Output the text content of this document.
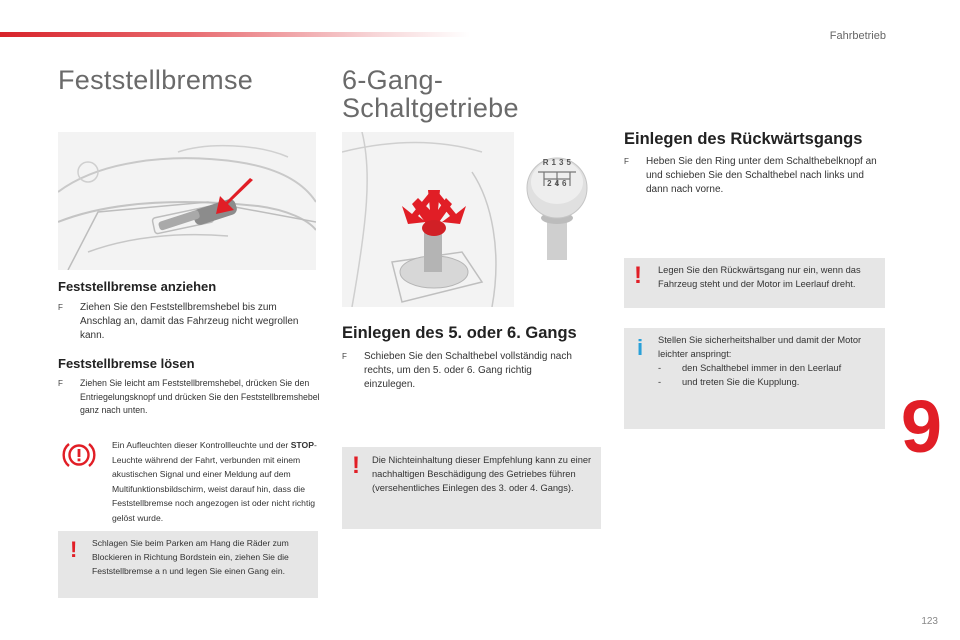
Fahrbetrieb
Feststellbremse
Feststellbremse anziehen
F	Ziehen Sie den Feststellbremshebel bis zum Anschlag an, damit das Fahrzeug nicht wegrollen kann.
Feststellbremse lösen
F	Ziehen Sie leicht am Feststellbremshebel, drücken Sie den Entriegelungsknopf und drücken Sie den Feststellbremshebel ganz nach unten.
Ein Aufleuchten dieser Kontrollleuchte und der STOP-Leuchte während der Fahrt, verbunden mit einem akustischen Signal und einer Meldung auf dem Multifunktionsbildschirm, weist darauf hin, dass die Feststellbremse noch angezogen ist oder nicht richtig gelöst wurde.
! Schlagen Sie beim Parken am Hang die Räder zum Blockieren in Richtung Bordstein ein, ziehen Sie die Feststellbremse a n und legen Sie einen Gang ein.
6-Gang-
Schaltgetriebe
R 1 3 5
2 4 6
Einlegen des 5. oder 6. Gangs
F	Schieben Sie den Schalthebel vollständig nach rechts, um den 5. oder 6. Gang richtig einzulegen.
! Die Nichteinhaltung dieser Empfehlung kann zu einer nachhaltigen Beschädigung des Getriebes führen (versehentliches Einlegen des 3. oder 4. Gangs).
Einlegen des Rückwärtsgangs
F	Heben Sie den Ring unter dem Schalthebelknopf an und schieben Sie den Schalthebel nach links und dann nach vorne.
! Legen Sie den Rückwärtsgang nur ein, wenn das Fahrzeug steht und der Motor im Leerlauf dreht.
i Stellen Sie sicherheitshalber und damit der Motor leichter anspringt:
- den Schalthebel immer in den Leerlauf
- und treten Sie die Kupplung.
9
123
